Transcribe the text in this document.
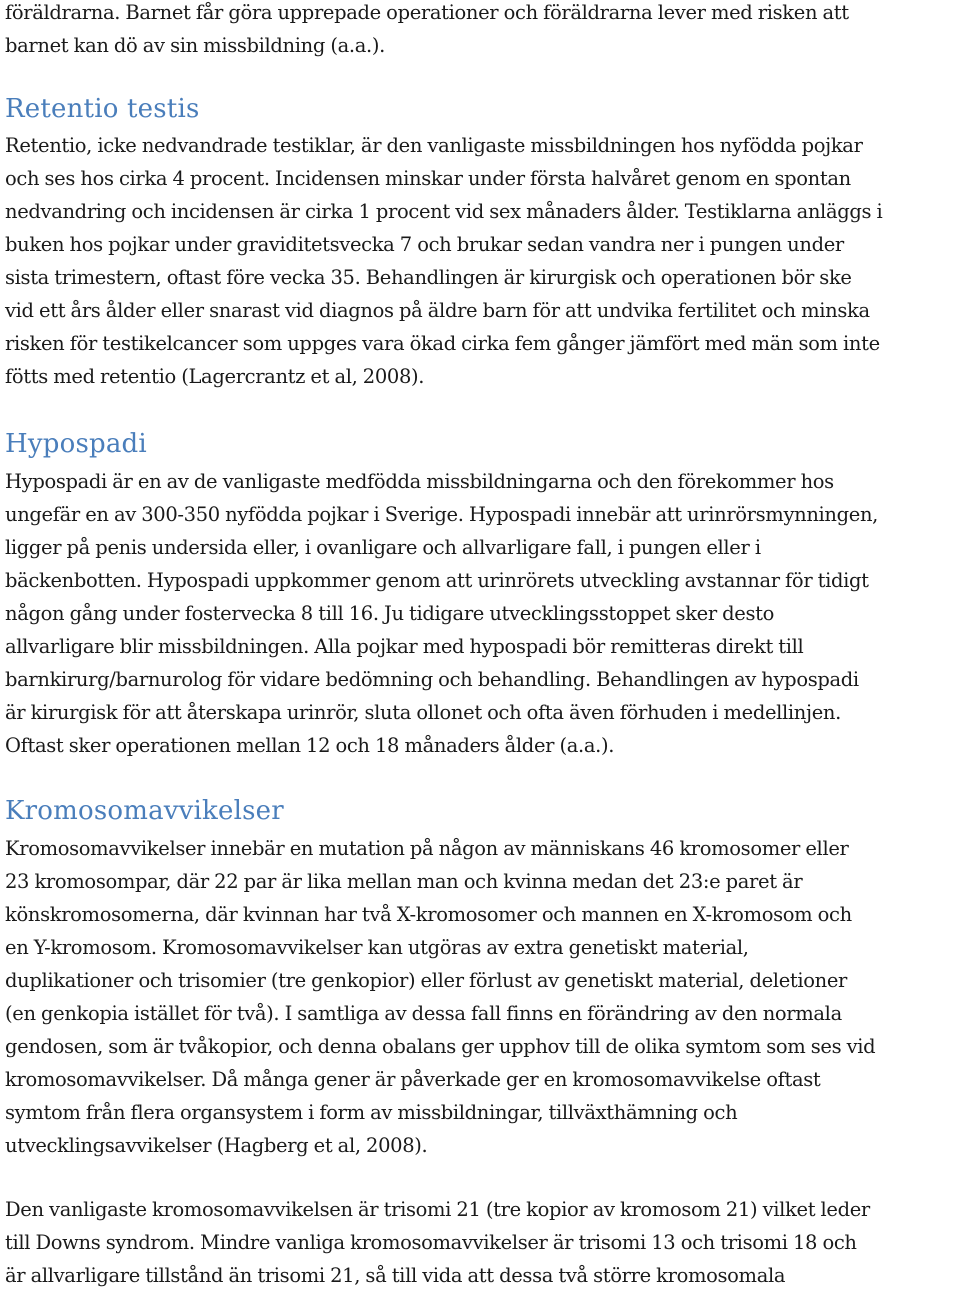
föräldrarna. Barnet får göra upprepade operationer och föräldrarna lever med risken att
barnet kan dö av sin missbildning (a.a.).

Retentio testis

Retentio, icke nedvandrade testiklar, är den vanligaste missbildningen hos nyfödda pojkar
och ses hos cirka 4 procent. Incidensen minskar under första halvåret genom en spontan
nedvandring och incidensen är cirka 1 procent vid sex månaders ålder. Testiklarna anläggs i
buken hos pojkar under graviditetsvecka 7 och brukar sedan vandra ner i pungen under
sista trimestern, oftast före vecka 35. Behandlingen är kirurgisk och operationen bör ske
vid ett års ålder eller snarast vid diagnos på äldre barn för att undvika fertilitet och minska
risken för testikelcancer som uppges vara ökad cirka fem gånger jämfört med män som inte
fötts med retentio (Lagercrantz et al, 2008).

Hypospadi

Hypospadi är en av de vanligaste medfödda missbildningarna och den förekommer hos
ungefär en av 300-350 nyfödda pojkar i Sverige. Hypospadi innebär att urinrörsmynningen,
ligger på penis undersida eller, i ovanligare och allvarligare fall, i pungen eller i
bäckenbotten. Hypospadi uppkommer genom att urinrörets utveckling avstannar för tidigt
någon gång under fostervecka 8 till 16. Ju tidigare utvecklingsstoppet sker desto
allvarligare blir missbildningen. Alla pojkar med hypospadi bör remitteras direkt till
barnkirurg/barnurolog för vidare bedömning och behandling. Behandlingen av hypospadi
är kirurgisk för att återskapa urinrör, sluta ollonet och ofta även förhuden i medellinjen.
Oftast sker operationen mellan 12 och 18 månaders ålder (a.a.).

Kromosomavvikelser

Kromosomavvikelser innebär en mutation på någon av människans 46 kromosomer eller
23 kromosompar, där 22 par är lika mellan man och kvinna medan det 23:e paret är
könskromosomerna, där kvinnan har två X-kromosomer och mannen en X-kromosom och
en Y-kromosom. Kromosomavvikelser kan utgöras av extra genetiskt material,
duplikationer och trisomier (tre genkopior) eller förlust av genetiskt material, deletioner
(en genkopia istället för två). I samtliga av dessa fall finns en förändring av den normala
gendosen, som är tvåkopior, och denna obalans ger upphov till de olika symtom som ses vid
kromosomavvikelser. Då många gener är påverkade ger en kromosomavvikelse oftast
symtom från flera organsystem i form av missbildningar, tillväxthämning och
utvecklingsavvikelser (Hagberg et al, 2008).

Den vanligaste kromosomavvikelsen är trisomi 21 (tre kopior av kromosom 21) vilket leder
till Downs syndrom. Mindre vanliga kromosomavvikelser är trisomi 13 och trisomi 18 och
är allvarligare tillstånd än trisomi 21, så till vida att dessa två större kromosomala
